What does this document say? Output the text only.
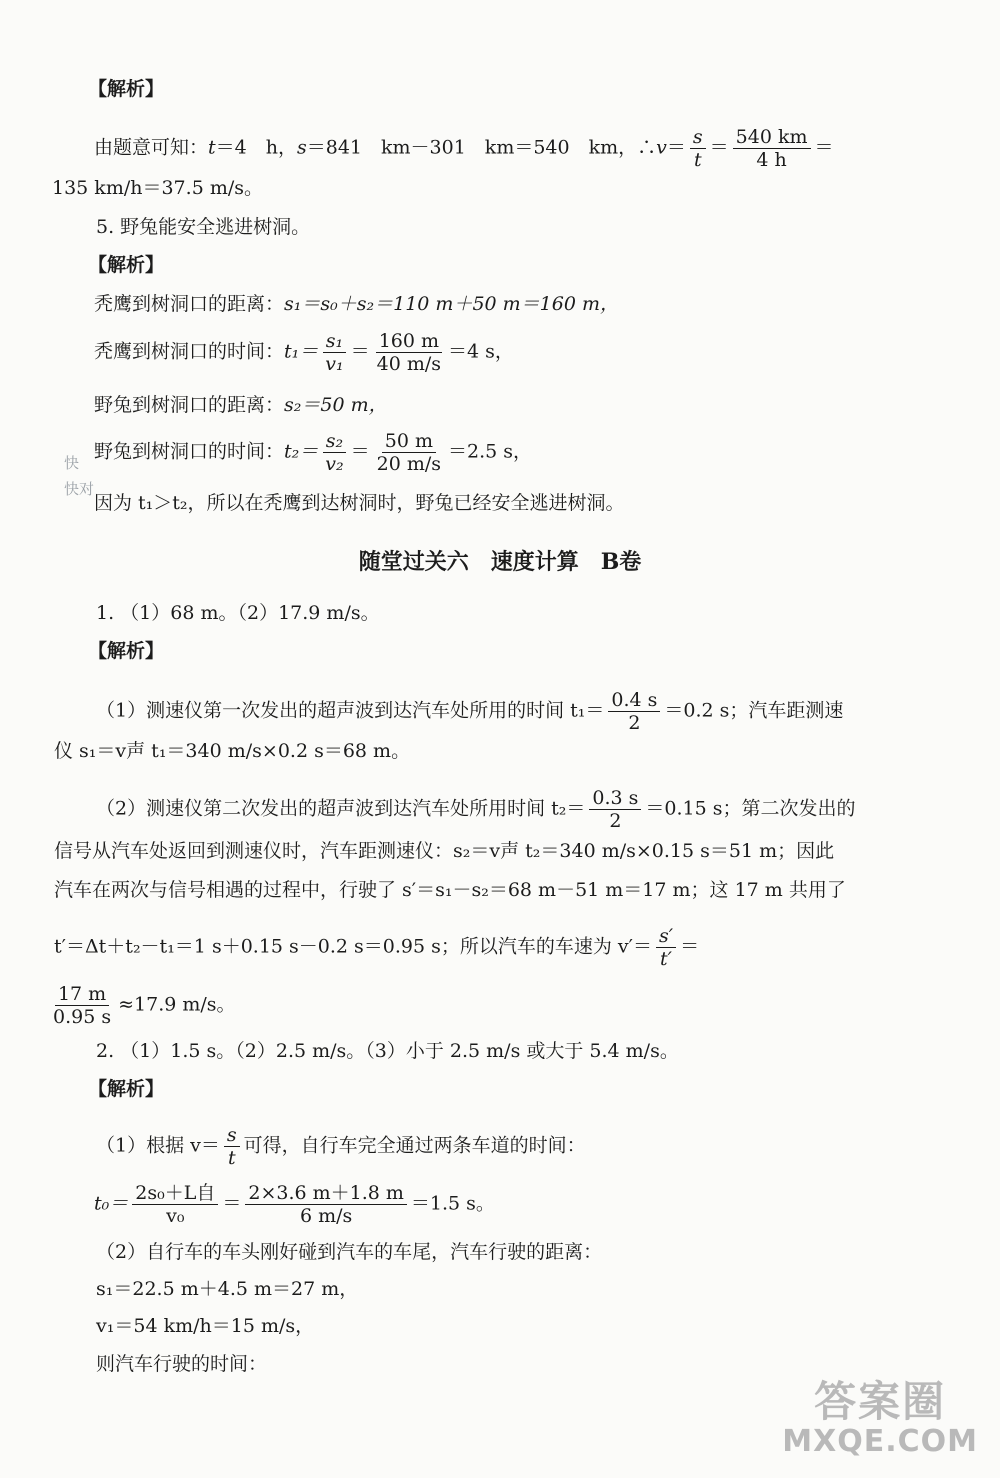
【解析】
由题意可知：t＝4　h，s＝841　km－301　km＝540　km，∴v＝ $\frac{s}{t} = \frac{540 km}{4 h}$ ＝
135 km/h＝37.5 m/s。
5. 野兔能安全逃进树洞。
【解析】
秃鹰到树洞口的距离：s₁＝s₀＋s₂＝110 m＋50 m＝160 m，
秃鹰到树洞口的时间：$t_1= \frac{\text{s₁}}{\text{v₁}} = \frac{160 m}{40 m/s} =4$ s，
野兔到树洞口的距离：s₂＝50 m，
野兔到树洞口的时间：$t_2= \frac{\text{s₂}}{\text{v₂}} = \frac{50 m}{20 m/s} =2.5$ s，
因为 t₁＞t₂，所以在秃鹰到达树洞时，野兔已经安全逃进树洞。
快
快对
随堂过关六　速度计算　B卷
1. （1）68 m。（2）17.9 m/s。
【解析】
（1）测速仪第一次发出的超声波到达汽车处所用的时间 $t_1= \frac{0.4 s}{2} =0.2$ s；汽车距测速
仪 s₁＝v声 t₁＝340 m/s×0.2 s＝68 m。
（2）测速仪第二次发出的超声波到达汽车处所用时间 $t_2= \frac{0.3 s}{2} =0.15$ s；第二次发出的
信号从汽车处返回到测速仪时，汽车距测速仪：s₂＝v声 t₂＝340 m/s×0.15 s＝51 m；因此
汽车在两次与信号相遇的过程中，行驶了 s′＝s₁－s₂＝68 m－51 m＝17 m；这 17 m 共用了
t′＝Δt＋t₂－t₁＝1 s＋0.15 s－0.2 s＝0.95 s；所以汽车的车速为 $v'= \frac{s'}{t'}$ ＝
$\frac{17 m}{0.95 s} \approx 17.9$ m/s。
2. （1）1.5 s。（2）2.5 m/s。（3）小于 2.5 m/s 或大于 5.4 m/s。
【解析】
（1）根据 $v= \frac{s}{t}$ 可得，自行车完全通过两条车道的时间：
$t_0= \frac{\text{2s₀＋L自}}{\text{v₀}} = \frac{2\times 3.6 m+1.8 m}{6 m/s} =1.5$ s。
（2）自行车的车头刚好碰到汽车的车尾，汽车行驶的距离：
s₁＝22.5 m＋4.5 m＝27 m，
v₁＝54 km/h＝15 m/s，
则汽车行驶的时间：
答案圈
MXQE.COM
